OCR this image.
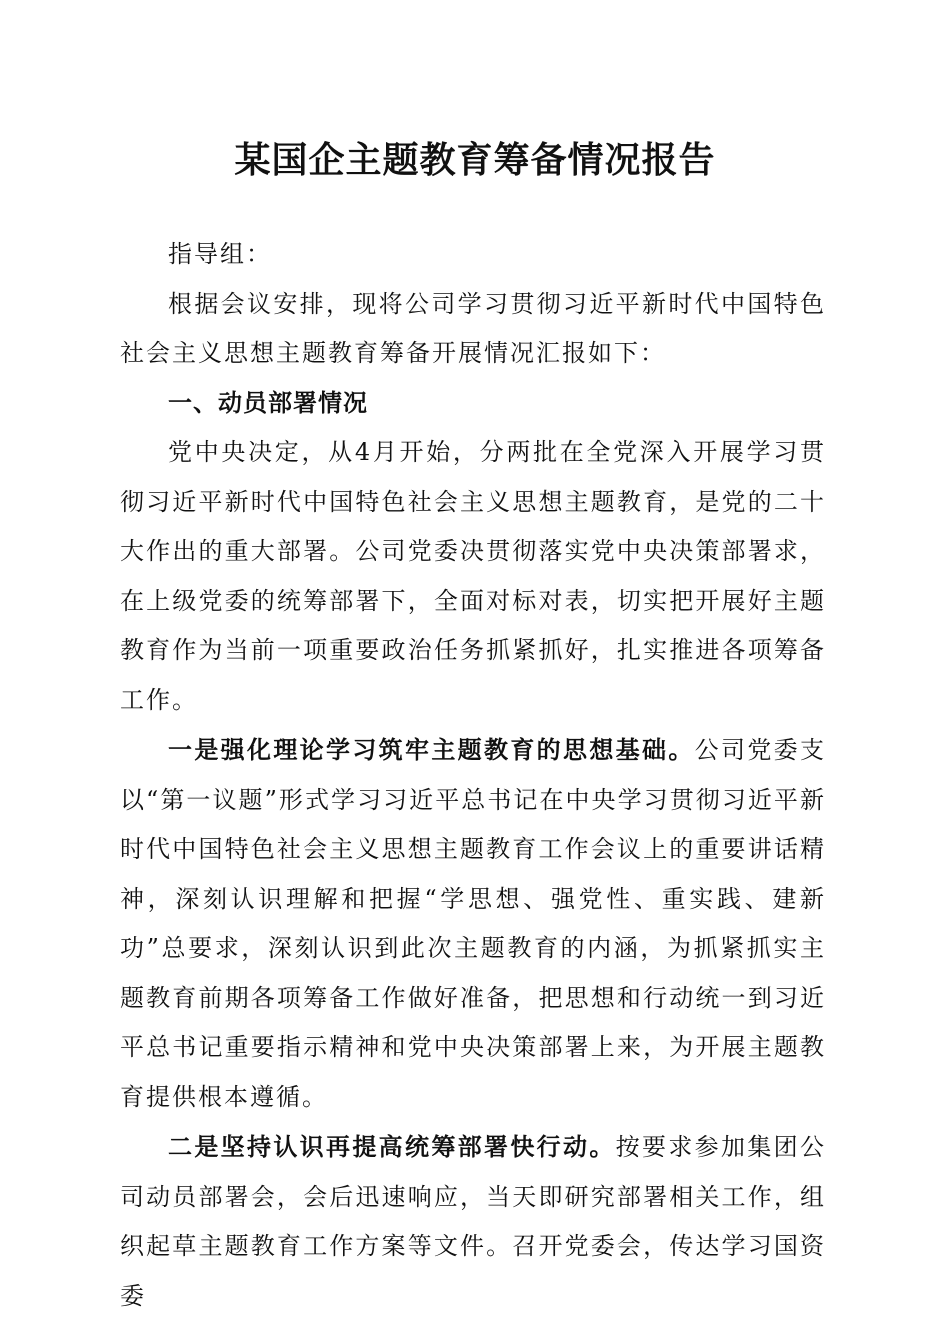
某国企主题教育筹备情况报告

指导组：

根据会议安排，现将公司学习贯彻习近平新时代中国特色社会主义思想主题教育筹备开展情况汇报如下：

一、动员部署情况

党中央决定，从4月开始，分两批在全党深入开展学习贯彻习近平新时代中国特色社会主义思想主题教育，是党的二十大作出的重大部署。公司党委决贯彻落实党中央决策部署求，在上级党委的统筹部署下，全面对标对表，切实把开展好主题教育作为当前一项重要政治任务抓紧抓好，扎实推进各项筹备工作。

一是强化理论学习筑牢主题教育的思想基础。公司党委支以“第一议题”形式学习习近平总书记在中央学习贯彻习近平新时代中国特色社会主义思想主题教育工作会议上的重要讲话精神，深刻认识理解和把握“学思想、强党性、重实践、建新功”总要求，深刻认识到此次主题教育的内涵，为抓紧抓实主题教育前期各项筹备工作做好准备，把思想和行动统一到习近平总书记重要指示精神和党中央决策部署上来，为开展主题教育提供根本遵循。

二是坚持认识再提高统筹部署快行动。按要求参加集团公司动员部署会，会后迅速响应，当天即研究部署相关工作，组织起草主题教育工作方案等文件。召开党委会，传达学习国资委
